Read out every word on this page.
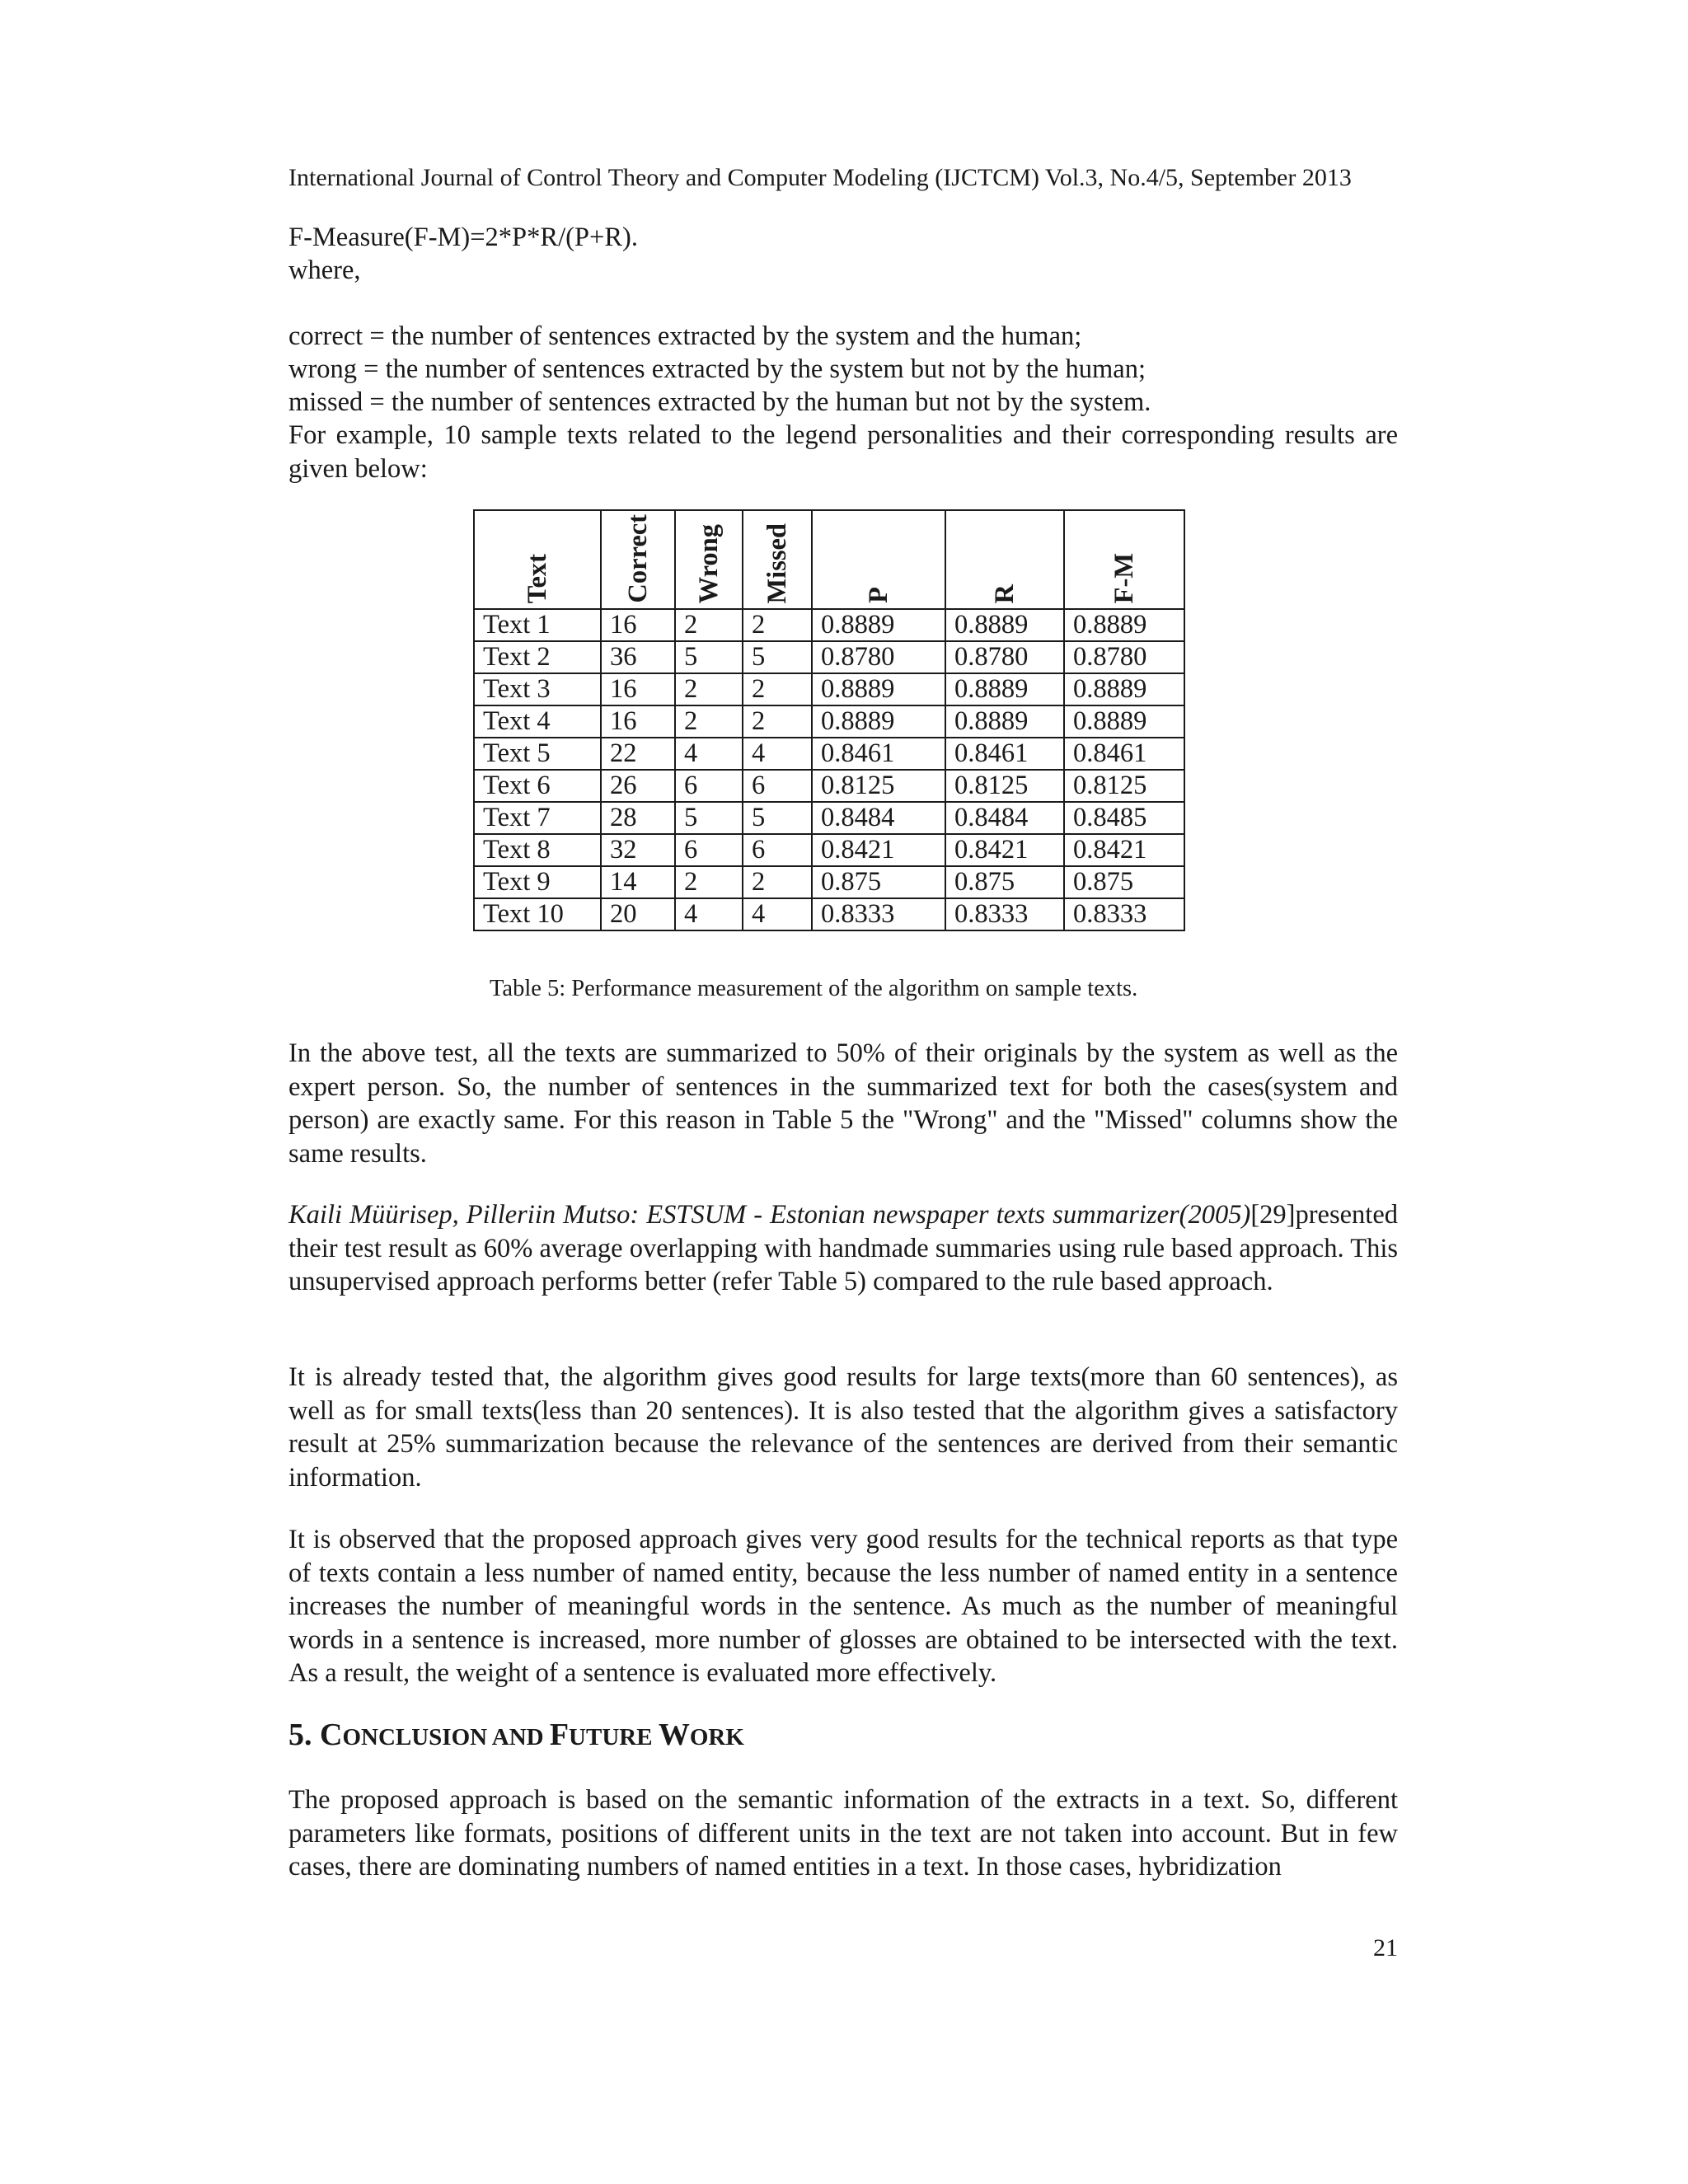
International Journal of Control Theory and Computer Modeling (IJCTCM) Vol.3, No.4/5, September 2013
F-Measure(F-M)=2*P*R/(P+R).
where,
correct = the number of sentences extracted by the system and the human;
wrong = the number of sentences extracted by the system but not by the human;
missed = the number of sentences extracted by the human but not by the system.
For example, 10 sample texts related to the legend personalities and their corresponding results are given below:
Text	Correct	Wrong	Missed	P	R	F-M

Text 1	16	2	2	0.8889	0.8889	0.8889
Text 2	36	5	5	0.8780	0.8780	0.8780
Text 3	16	2	2	0.8889	0.8889	0.8889
Text 4	16	2	2	0.8889	0.8889	0.8889
Text 5	22	4	4	0.8461	0.8461	0.8461
Text 6	26	6	6	0.8125	0.8125	0.8125
Text 7	28	5	5	0.8484	0.8484	0.8485
Text 8	32	6	6	0.8421	0.8421	0.8421
Text 9	14	2	2	0.875	0.875	0.875
Text 10	20	4	4	0.8333	0.8333	0.8333
Table 5: Performance measurement of the algorithm on sample texts.
In the above test, all the texts are summarized to 50% of their originals by the system as well as the expert person. So, the number of sentences in the summarized text for both the cases(system and person) are exactly same. For this reason in Table 5 the "Wrong" and the "Missed" columns show the same results.
Kaili Müürisep, Pilleriin Mutso: ESTSUM - Estonian newspaper texts summarizer(2005)[29]presented their test result as 60% average overlapping with handmade summaries using rule based approach. This unsupervised approach performs better (refer Table 5) compared to the rule based approach.
It is already tested that, the algorithm gives good results for large texts(more than 60 sentences), as well as for small texts(less than 20 sentences). It is also tested that the algorithm gives a satisfactory result at 25% summarization because the relevance of the sentences are derived from their semantic information.
It is observed that the proposed approach gives very good results for the technical reports as that type of texts contain a less number of named entity, because the less number of named entity in a sentence increases the number of meaningful words in the sentence. As much as the number of meaningful words in a sentence is increased, more number of glosses are obtained to be intersected with the text. As a result, the weight of a sentence is evaluated more effectively.
5. CONCLUSION AND FUTURE WORK
The proposed approach is based on the semantic information of the extracts in a text. So, different parameters like formats, positions of different units in the text are not taken into account. But in few cases, there are dominating numbers of named entities in a text. In those cases, hybridization
21
